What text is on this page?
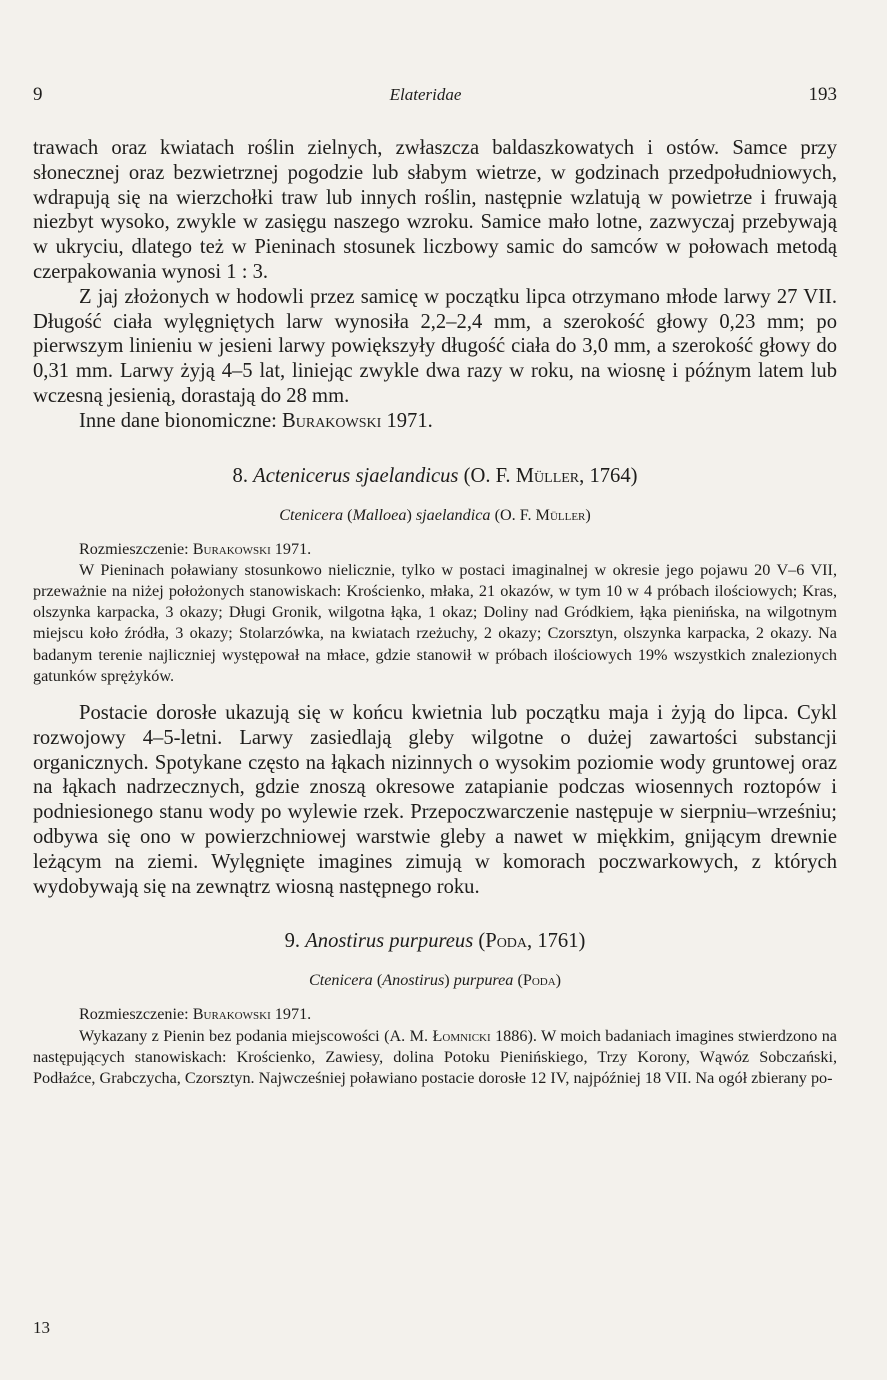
9	Elateridae	193

trawach oraz kwiatach roślin zielnych, zwłaszcza baldaszkowatych i ostów. Samce przy słonecznej oraz bezwietrznej pogodzie lub słabym wietrze, w godzinach przedpołudniowych, wdrapują się na wierzchołki traw lub innych roślin, następnie wzlatują w powietrze i fruwają niezbyt wysoko, zwykle w zasięgu naszego wzroku. Samice mało lotne, zazwyczaj przebywają w ukryciu, dlatego też w Pieninach stosunek liczbowy samic do samców w połowach metodą czerpakowania wynosi 1 : 3.

Z jaj złożonych w hodowli przez samicę w początku lipca otrzymano młode larwy 27 VII. Długość ciała wylęgniętych larw wynosiła 2,2–2,4 mm, a szerokość głowy 0,23 mm; po pierwszym linieniu w jesieni larwy powiększyły długość ciała do 3,0 mm, a szerokość głowy do 0,31 mm. Larwy żyją 4–5 lat, liniejąc zwykle dwa razy w roku, na wiosnę i późnym latem lub wczesną jesienią, dorastają do 28 mm.

Inne dane bionomiczne: Burakowski 1971.

8. Actenicerus sjaelandicus (O. F. Müller, 1764)
Ctenicera (Malloea) sjaelandica (O. F. Müller)

Rozmieszczenie: Burakowski 1971.

W Pieninach poławiany stosunkowo nielicznie, tylko w postaci imaginalnej w okresie jego pojawu 20 V–6 VII, przeważnie na niżej położonych stanowiskach: Krościenko, młaka, 21 okazów, w tym 10 w 4 próbach ilościowych; Kras, olszynka karpacka, 3 okazy; Długi Gronik, wilgotna łąka, 1 okaz; Doliny nad Gródkiem, łąka pienińska, na wilgotnym miejscu koło źródła, 3 okazy; Stolarzówka, na kwiatach rzeżuchy, 2 okazy; Czorsztyn, olszynka karpacka, 2 okazy. Na badanym terenie najliczniej występował na młace, gdzie stanowił w próbach ilościowych 19% wszystkich znalezionych gatunków sprężyków.

Postacie dorosłe ukazują się w końcu kwietnia lub początku maja i żyją do lipca. Cykl rozwojowy 4–5-letni. Larwy zasiedlają gleby wilgotne o dużej zawartości substancji organicznych. Spotykane często na łąkach nizinnych o wysokim poziomie wody gruntowej oraz na łąkach nadrzecznych, gdzie znoszą okresowe zatapianie podczas wiosennych roztopów i podniesionego stanu wody po wylewie rzek. Przepoczwarczenie następuje w sierpniu–wrześniu; odbywa się ono w powierzchniowej warstwie gleby a nawet w miękkim, gnijącym drewnie leżącym na ziemi. Wylęgnięte imagines zimują w komorach poczwarkowych, z których wydobywają się na zewnątrz wiosną następnego roku.

9. Anostirus purpureus (Poda, 1761)
Ctenicera (Anostirus) purpurea (Poda)

Rozmieszczenie: Burakowski 1971.

Wykazany z Pienin bez podania miejscowości (A. M. Łomnicki 1886). W moich badaniach imagines stwierdzono na następujących stanowiskach: Krościenko, Zawiesy, dolina Potoku Pienińskiego, Trzy Korony, Wąwóz Sobczański, Podłaźce, Grabczycha, Czorsztyn. Najwcześniej poławiano postacie dorosłe 12 IV, najpóźniej 18 VII. Na ogół zbierany po-

13
